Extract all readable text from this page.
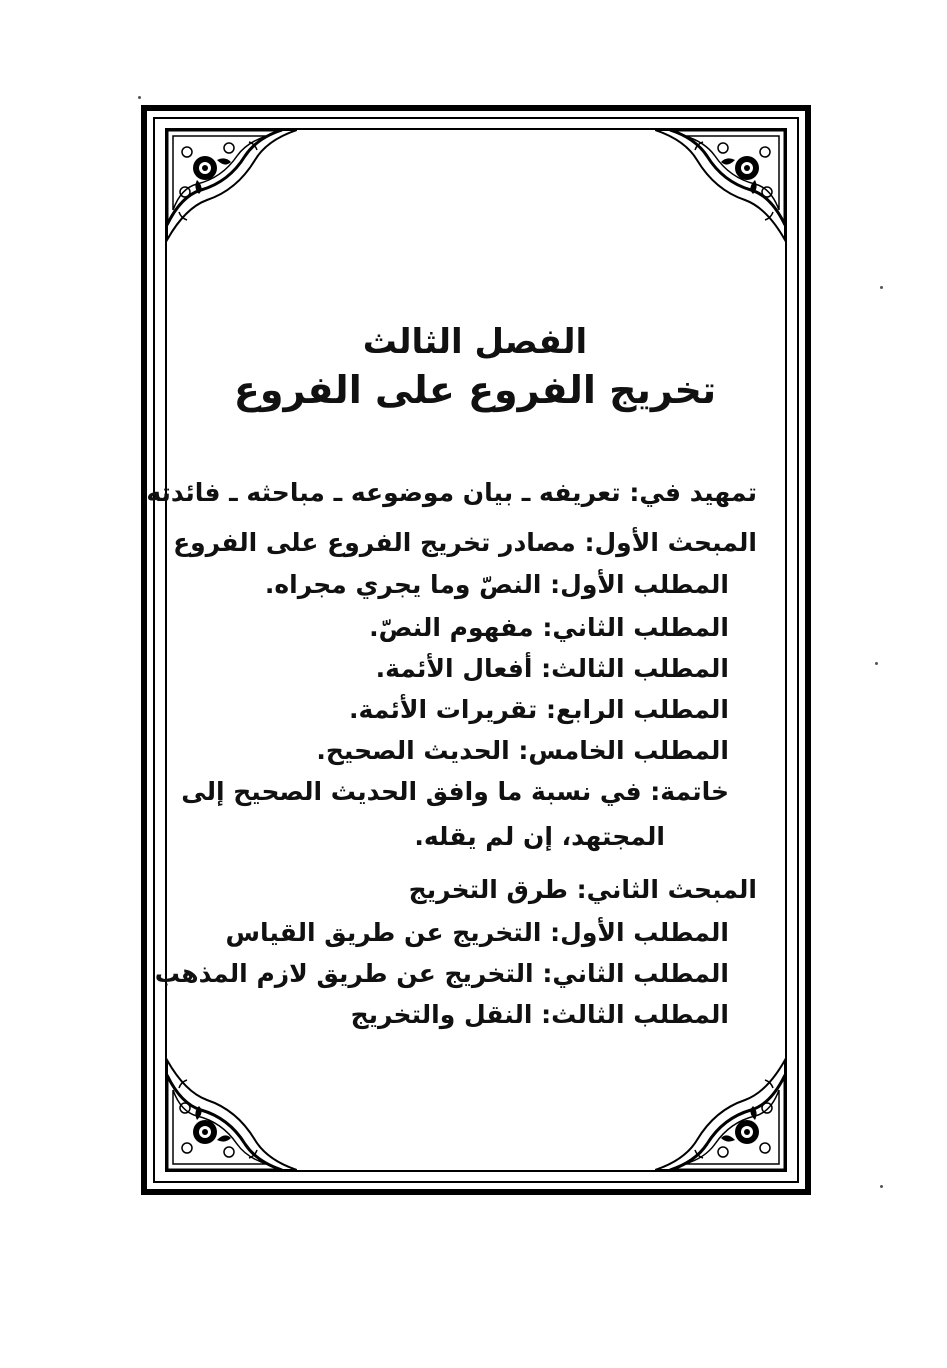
الفصل الثالث
تخريج الفروع على الفروع
تمهيد في: تعريفه ـ بيان موضوعه ـ مباحثه ـ فائدته
المبحث الأول: مصادر تخريج الفروع على الفروع
المطلب الأول: النصّ وما يجري مجراه.
المطلب الثاني: مفهوم النصّ.
المطلب الثالث: أفعال الأئمة.
المطلب الرابع: تقريرات الأئمة.
المطلب الخامس: الحديث الصحيح.
خاتمة: في نسبة ما وافق الحديث الصحيح إلى
المجتهد، إن لم يقله.
المبحث الثاني: طرق التخريج
المطلب الأول: التخريج عن طريق القياس
المطلب الثاني: التخريج عن طريق لازم المذهب
المطلب الثالث: النقل والتخريج
